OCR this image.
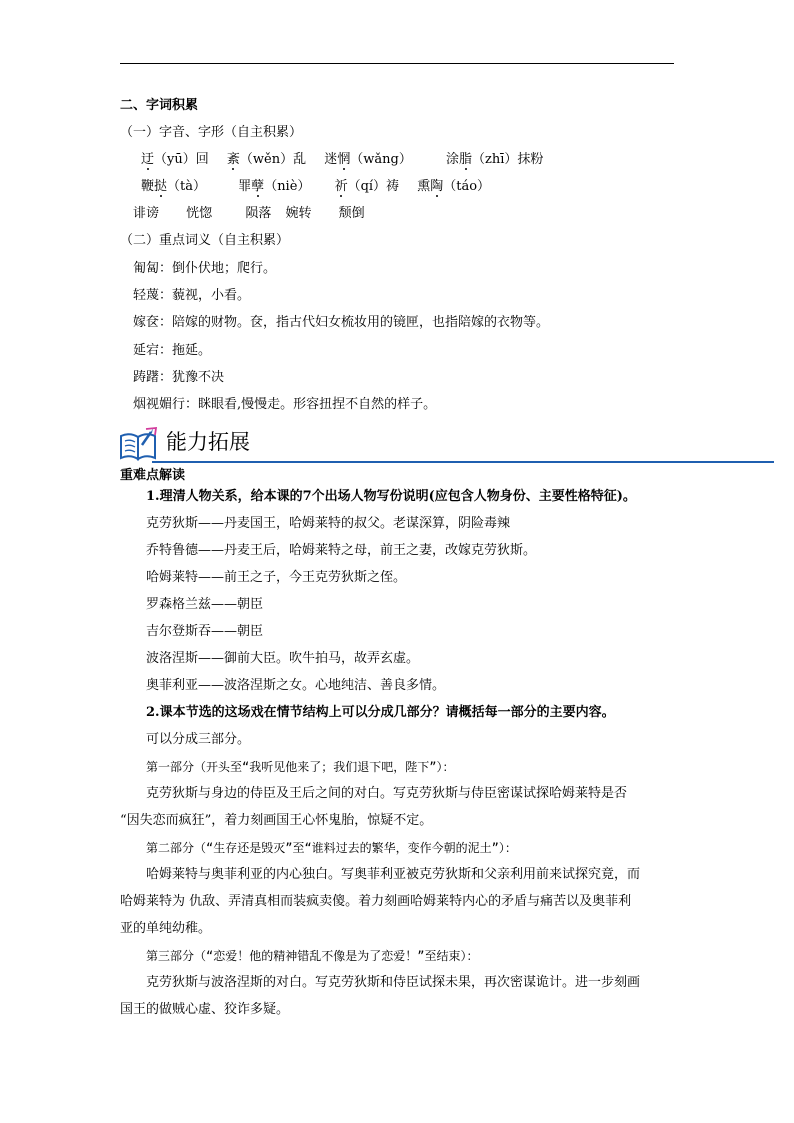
二、字词积累
（一）字音、字形（自主积累）
迂（yū）回 紊（wěn）乱 迷惘（wǎng）	涂脂（zhī）抹粉
鞭挞（tà） 罪孽（niè） 祈（qí）祷 熏陶（táo）
诽谤 恍惚	陨落 婉转 颓倒
（二）重点词义（自主积累）
匍匐：倒仆伏地；爬行。
轻蔑：藐视，小看。
嫁奁：陪嫁的财物。奁，指古代妇女梳妆用的镜匣，也指陪嫁的衣物等。
延宕：拖延。
踌躇：犹豫不决
烟视媚行：眯眼看,慢慢走。形容扭捏不自然的样子。
能力拓展
重难点解读
1.理清人物关系，给本课的7个出场人物写份说明(应包含人物身份、主要性格特征)。
克劳狄斯——丹麦国王，哈姆莱特的叔父。老谋深算，阴险毒辣
乔特鲁德——丹麦王后，哈姆莱特之母，前王之妻，改嫁克劳狄斯。
哈姆莱特——前王之子，今王克劳狄斯之侄。
罗森格兰兹——朝臣
吉尔登斯吞——朝臣
波洛涅斯——御前大臣。吹牛拍马，故弄玄虚。
奥菲利亚——波洛涅斯之女。心地纯洁、善良多情。
2.课本节选的这场戏在情节结构上可以分成几部分？请概括每一部分的主要内容。
可以分成三部分。
第一部分（开头至“我听见他来了；我们退下吧，陛下”）：
克劳狄斯与身边的侍臣及王后之间的对白。写克劳狄斯与侍臣密谋试探哈姆莱特是否
“因失恋而疯狂”，着力刻画国王心怀鬼胎，惊疑不定。
第二部分（“生存还是毁灭”至“谁料过去的繁华，变作今朝的泥土”）：
哈姆莱特与奥菲利亚的内心独白。写奥菲利亚被克劳狄斯和父亲利用前来试探究竟，而
哈姆莱特为 仇敌、弄清真相而装疯卖傻。着力刻画哈姆莱特内心的矛盾与痛苦以及奥菲利
亚的单纯幼稚。
第三部分（“恋爱！他的精神错乱不像是为了恋爱！”至结束）：
克劳狄斯与波洛涅斯的对白。写克劳狄斯和侍臣试探未果，再次密谋诡计。进一步刻画
国王的做贼心虚、狡诈多疑。
